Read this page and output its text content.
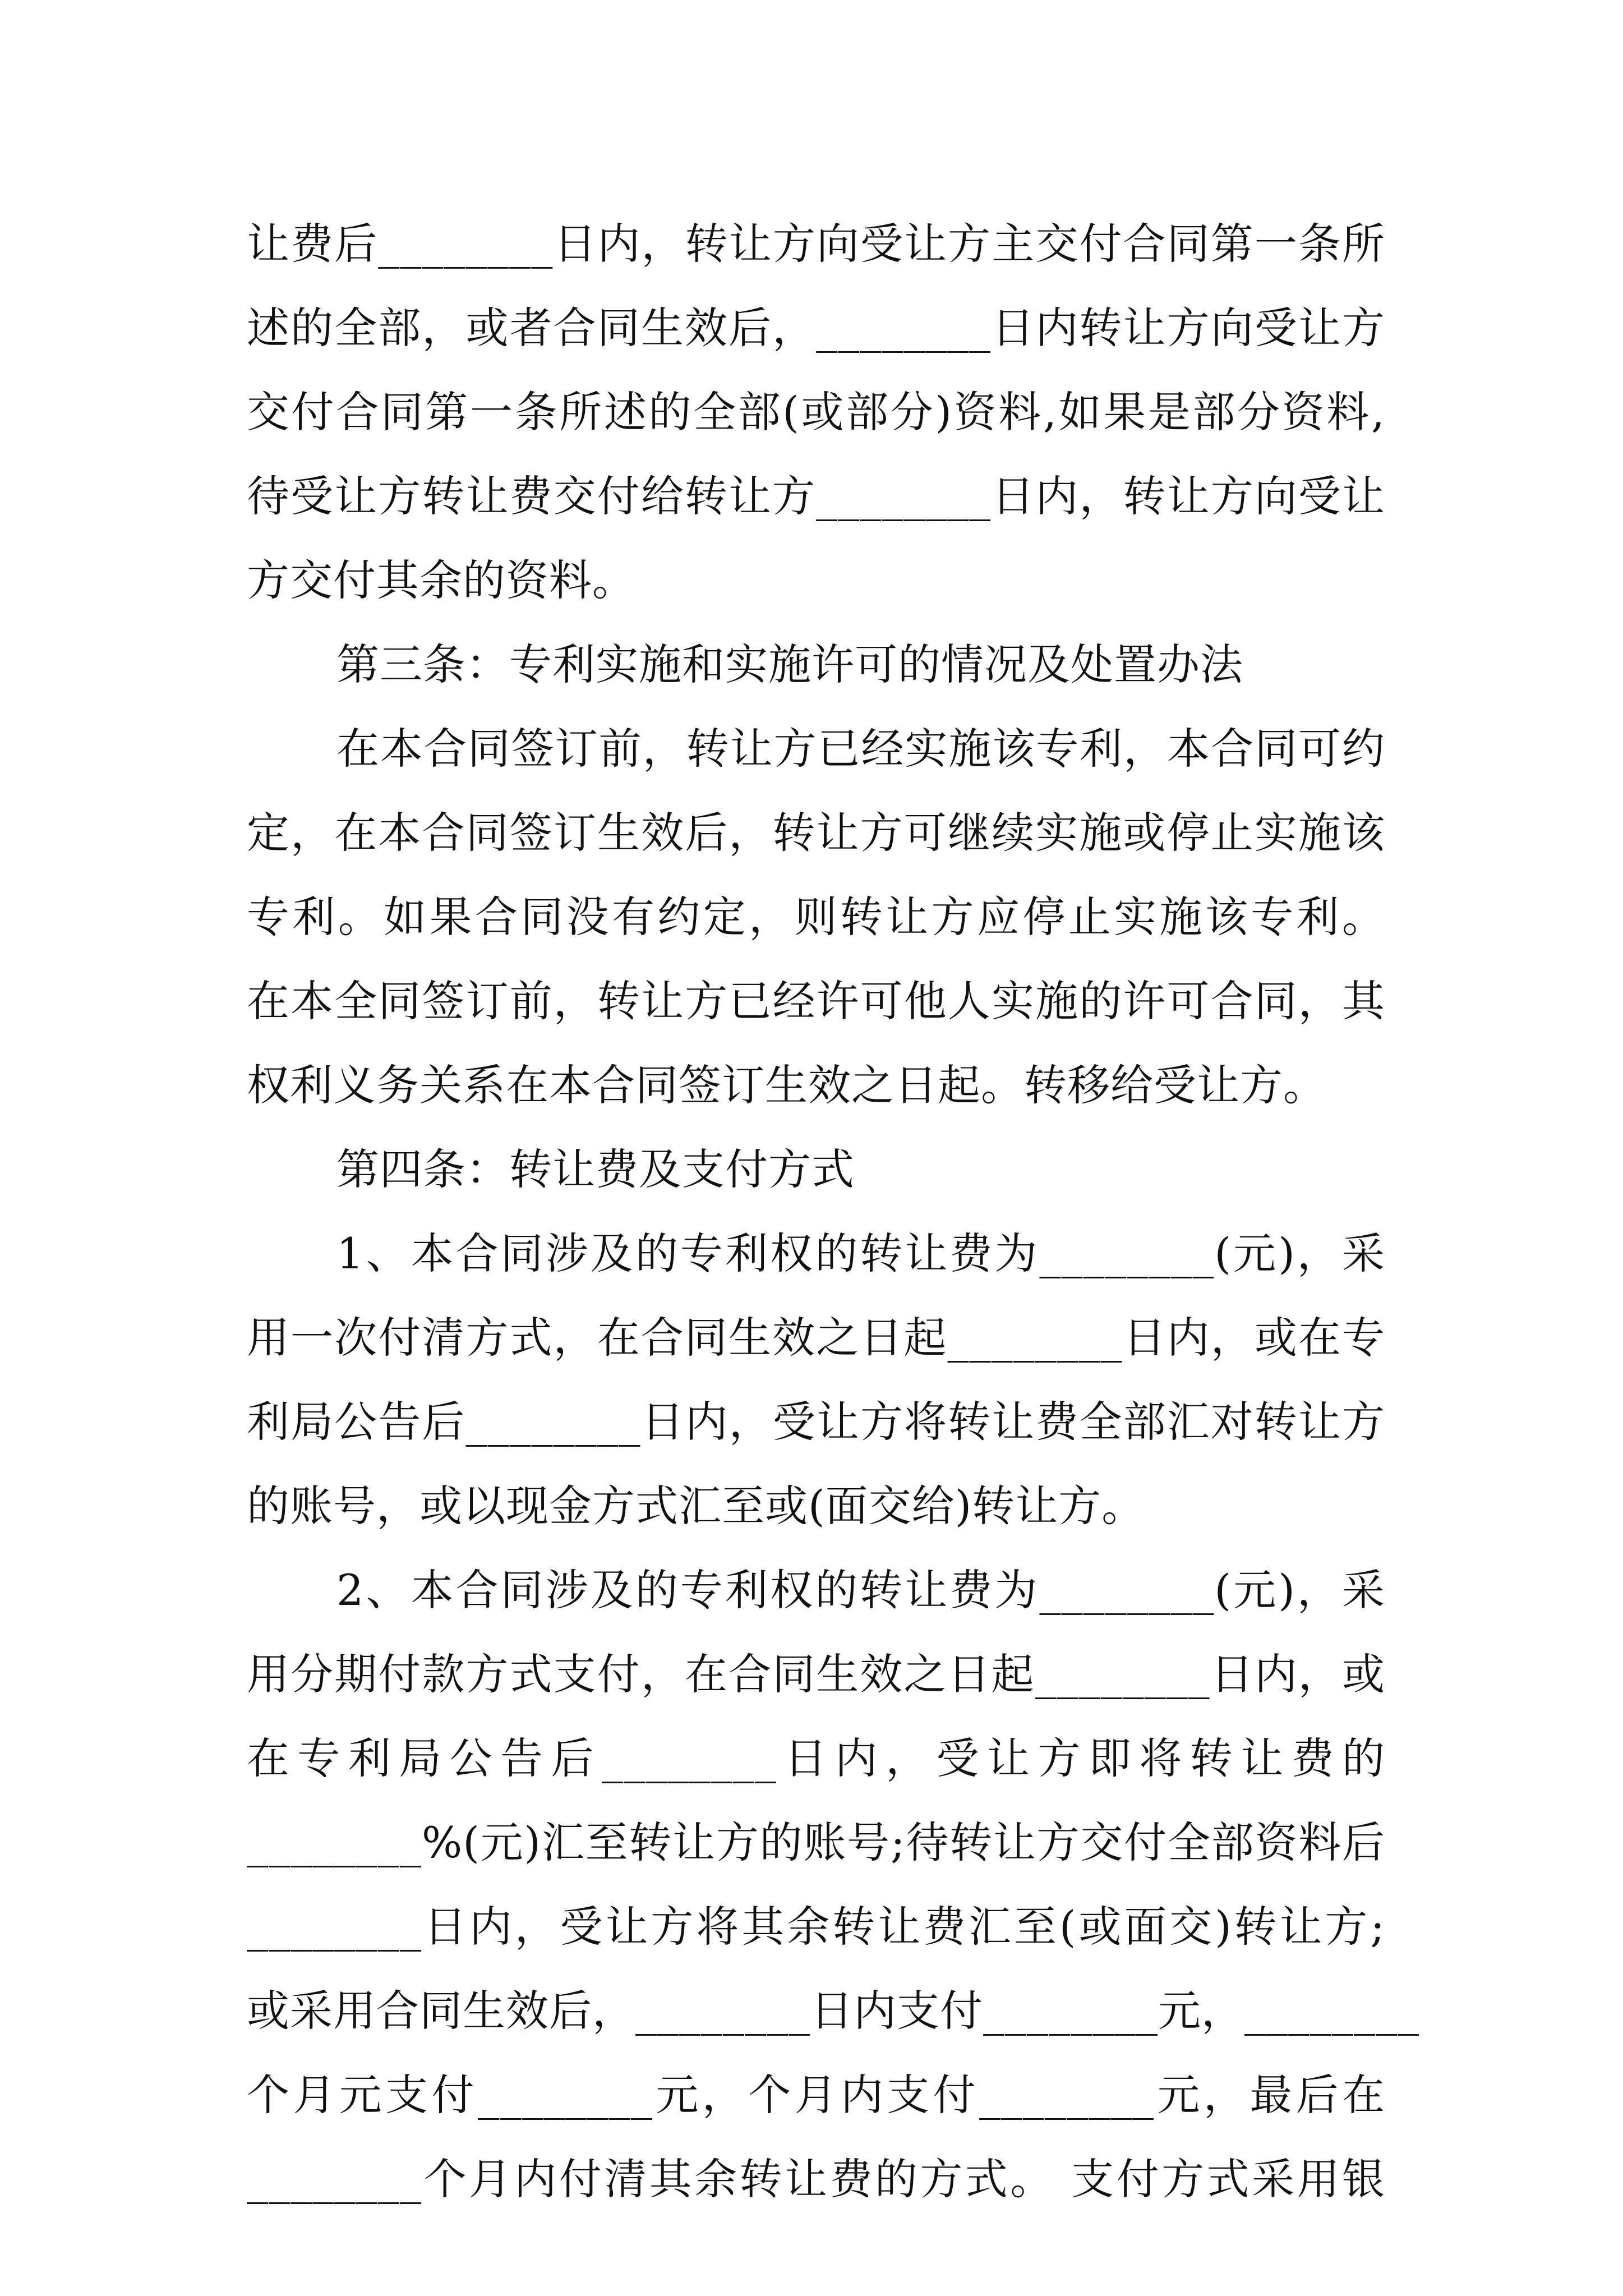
让费后________日内，转让方向受让方主交付合同第一条所
述的全部，或者合同生效后，________日内转让方向受让方
交付合同第一条所述的全部(或部分)资料,如果是部分资料,
待受让方转让费交付给转让方________日内，转让方向受让
方交付其余的资料。
第三条：专利实施和实施许可的情况及处置办法
在本合同签订前，转让方已经实施该专利，本合同可约
定，在本合同签订生效后，转让方可继续实施或停止实施该
专利。如果合同没有约定，则转让方应停止实施该专利。
在本全同签订前，转让方已经许可他人实施的许可合同，其
权利义务关系在本合同签订生效之日起。转移给受让方。
第四条：转让费及支付方式
1、本合同涉及的专利权的转让费为________(元)，采
用一次付清方式，在合同生效之日起________日内，或在专
利局公告后________日内，受让方将转让费全部汇对转让方
的账号，或以现金方式汇至或(面交给)转让方。
2、本合同涉及的专利权的转让费为________(元)，采
用分期付款方式支付，在合同生效之日起________日内，或
在专利局公告后________日内，受让方即将转让费的
________%(元)汇至转让方的账号;待转让方交付全部资料后
________日内，受让方将其余转让费汇至(或面交)转让方;
或采用合同生效后，________日内支付________元，________
个月元支付________元，个月内支付________元，最后在
________个月内付清其余转让费的方式。 支付方式采用银
